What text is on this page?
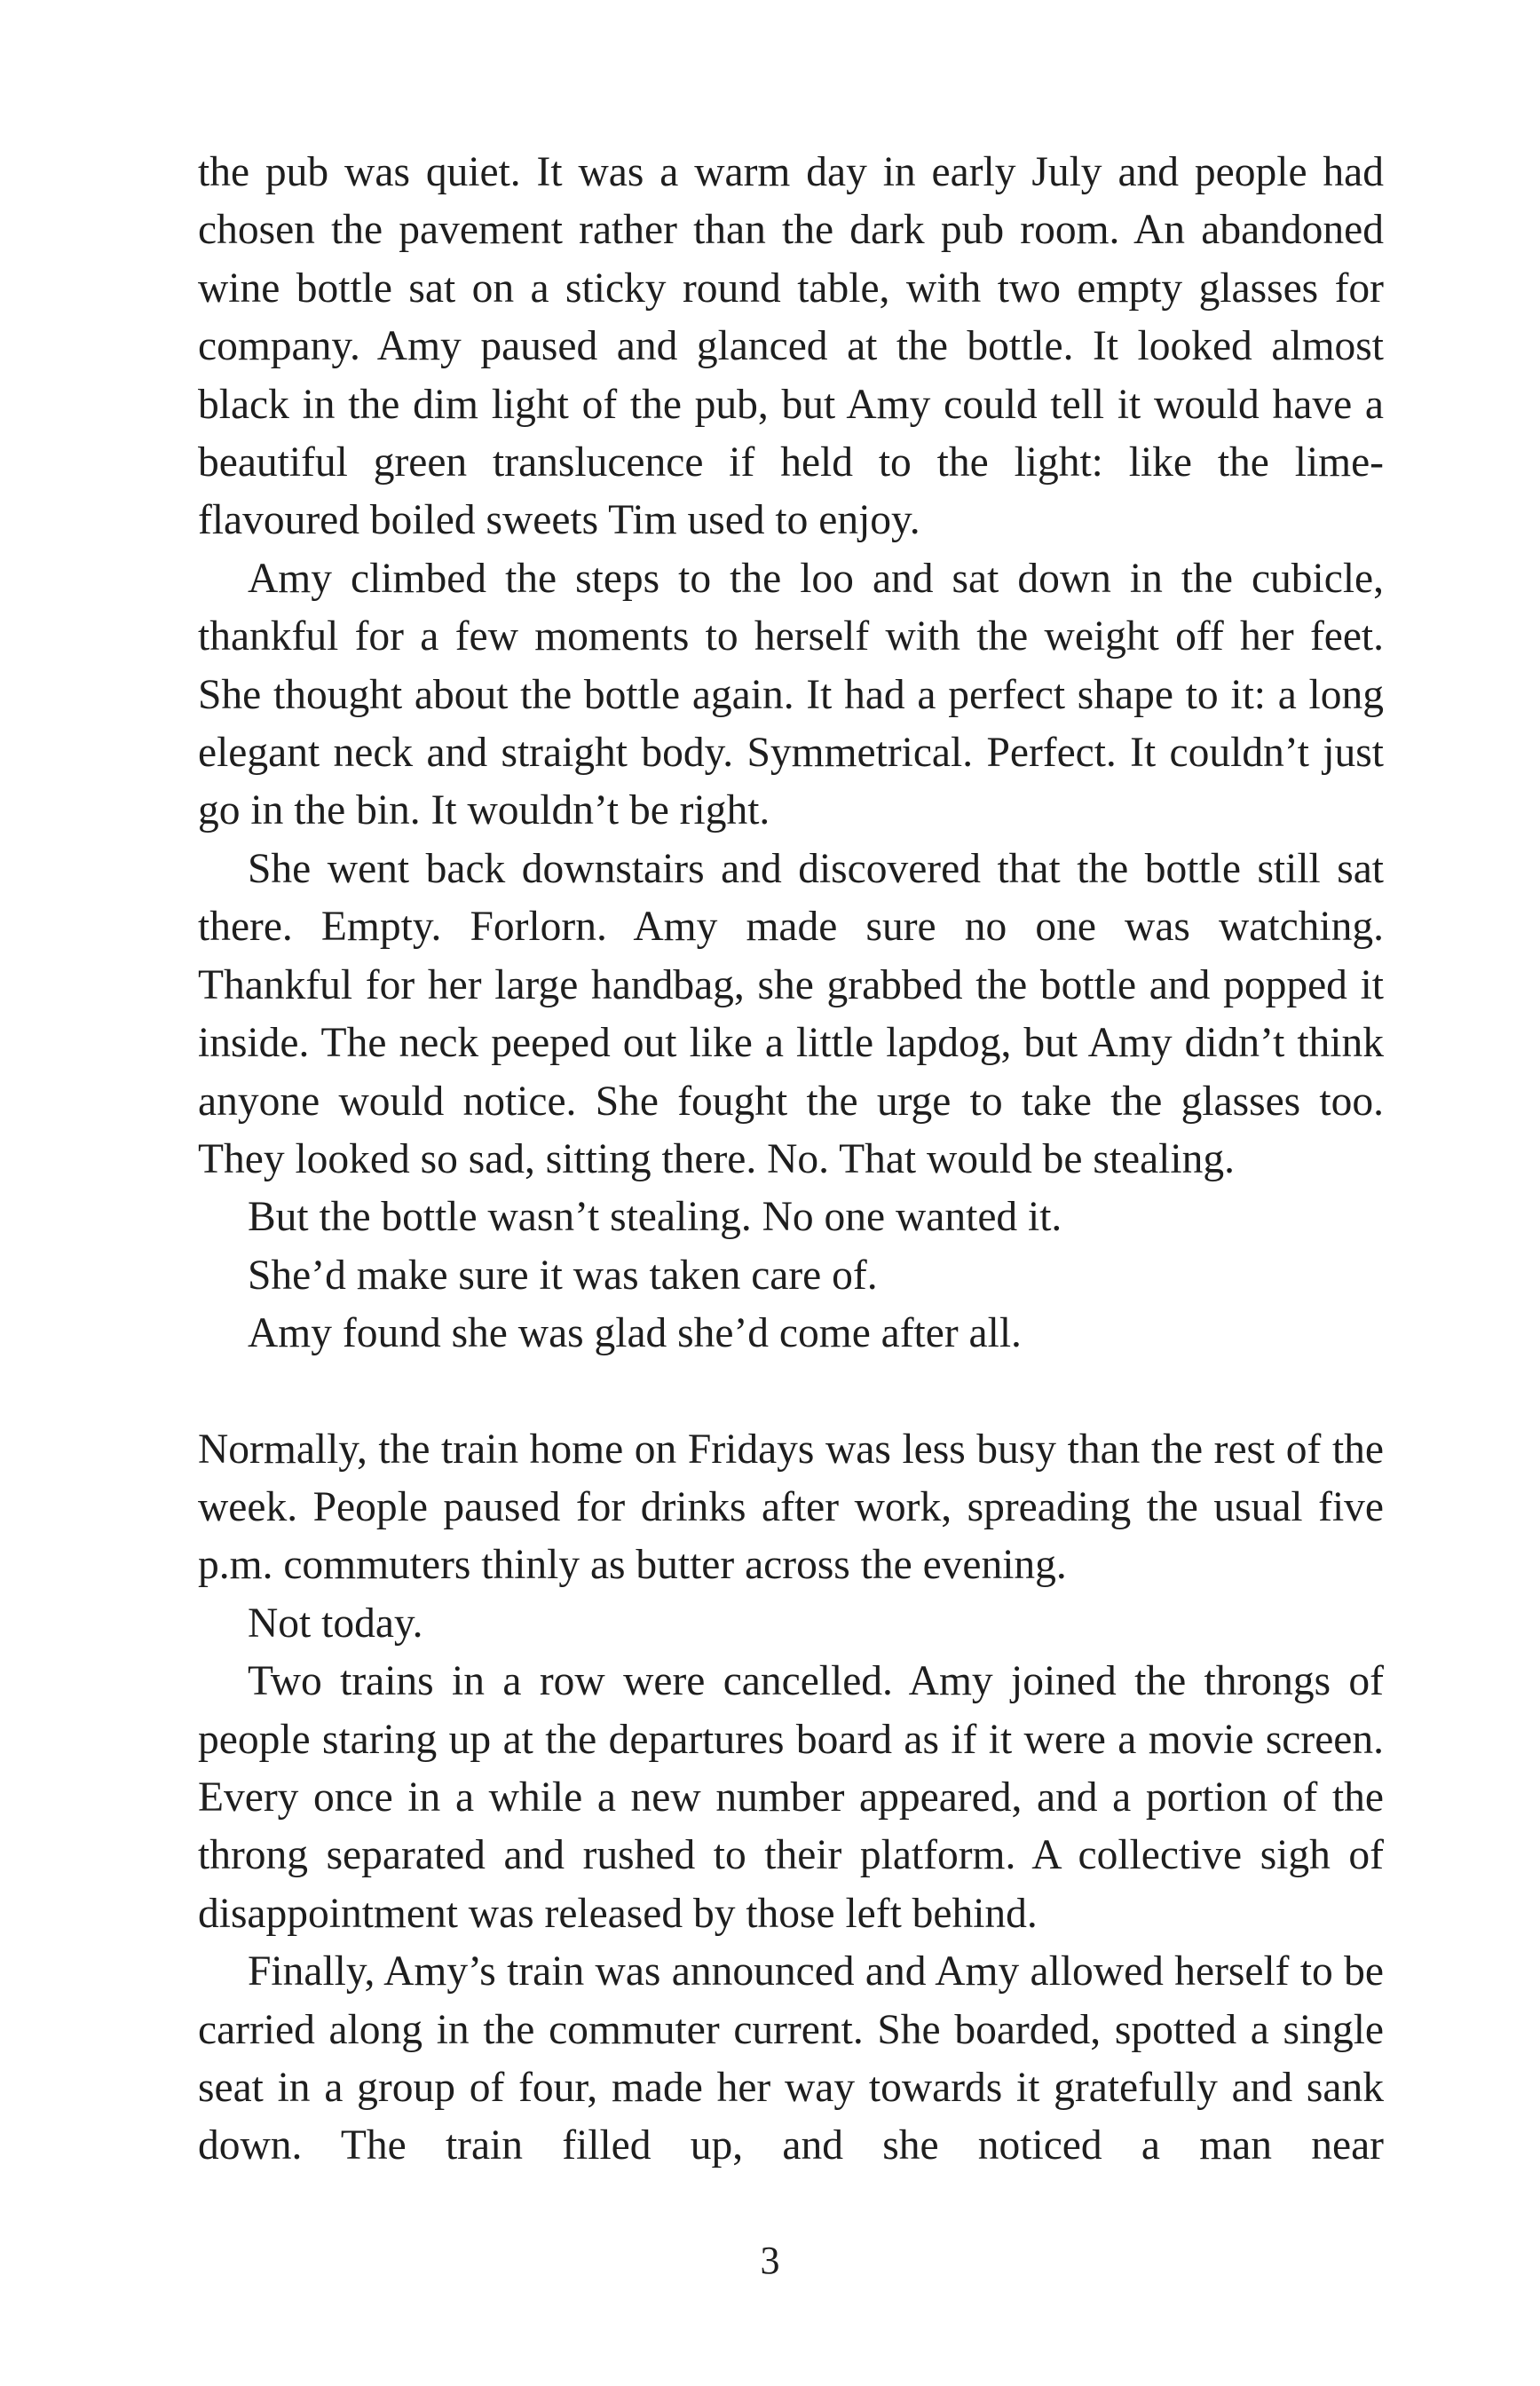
the pub was quiet. It was a warm day in early July and people had chosen the pavement rather than the dark pub room. An abandoned wine bottle sat on a sticky round table, with two empty glasses for company. Amy paused and glanced at the bottle. It looked almost black in the dim light of the pub, but Amy could tell it would have a beautiful green translucence if held to the light: like the lime-flavoured boiled sweets Tim used to enjoy.

Amy climbed the steps to the loo and sat down in the cubicle, thankful for a few moments to herself with the weight off her feet. She thought about the bottle again. It had a perfect shape to it: a long elegant neck and straight body. Symmetrical. Perfect. It couldn’t just go in the bin. It wouldn’t be right.

She went back downstairs and discovered that the bottle still sat there. Empty. Forlorn. Amy made sure no one was watching. Thankful for her large handbag, she grabbed the bottle and popped it inside. The neck peeped out like a little lapdog, but Amy didn’t think anyone would notice. She fought the urge to take the glasses too. They looked so sad, sitting there. No. That would be stealing.

But the bottle wasn’t stealing. No one wanted it.

She’d make sure it was taken care of.

Amy found she was glad she’d come after all.

Normally, the train home on Fridays was less busy than the rest of the week. People paused for drinks after work, spreading the usual five p.m. commuters thinly as butter across the evening.

Not today.

Two trains in a row were cancelled. Amy joined the throngs of people staring up at the departures board as if it were a movie screen. Every once in a while a new number appeared, and a portion of the throng separated and rushed to their platform. A collective sigh of disappointment was released by those left behind.

Finally, Amy’s train was announced and Amy allowed herself to be carried along in the commuter current. She boarded, spotted a single seat in a group of four, made her way towards it gratefully and sank down. The train filled up, and she noticed a man near

3
